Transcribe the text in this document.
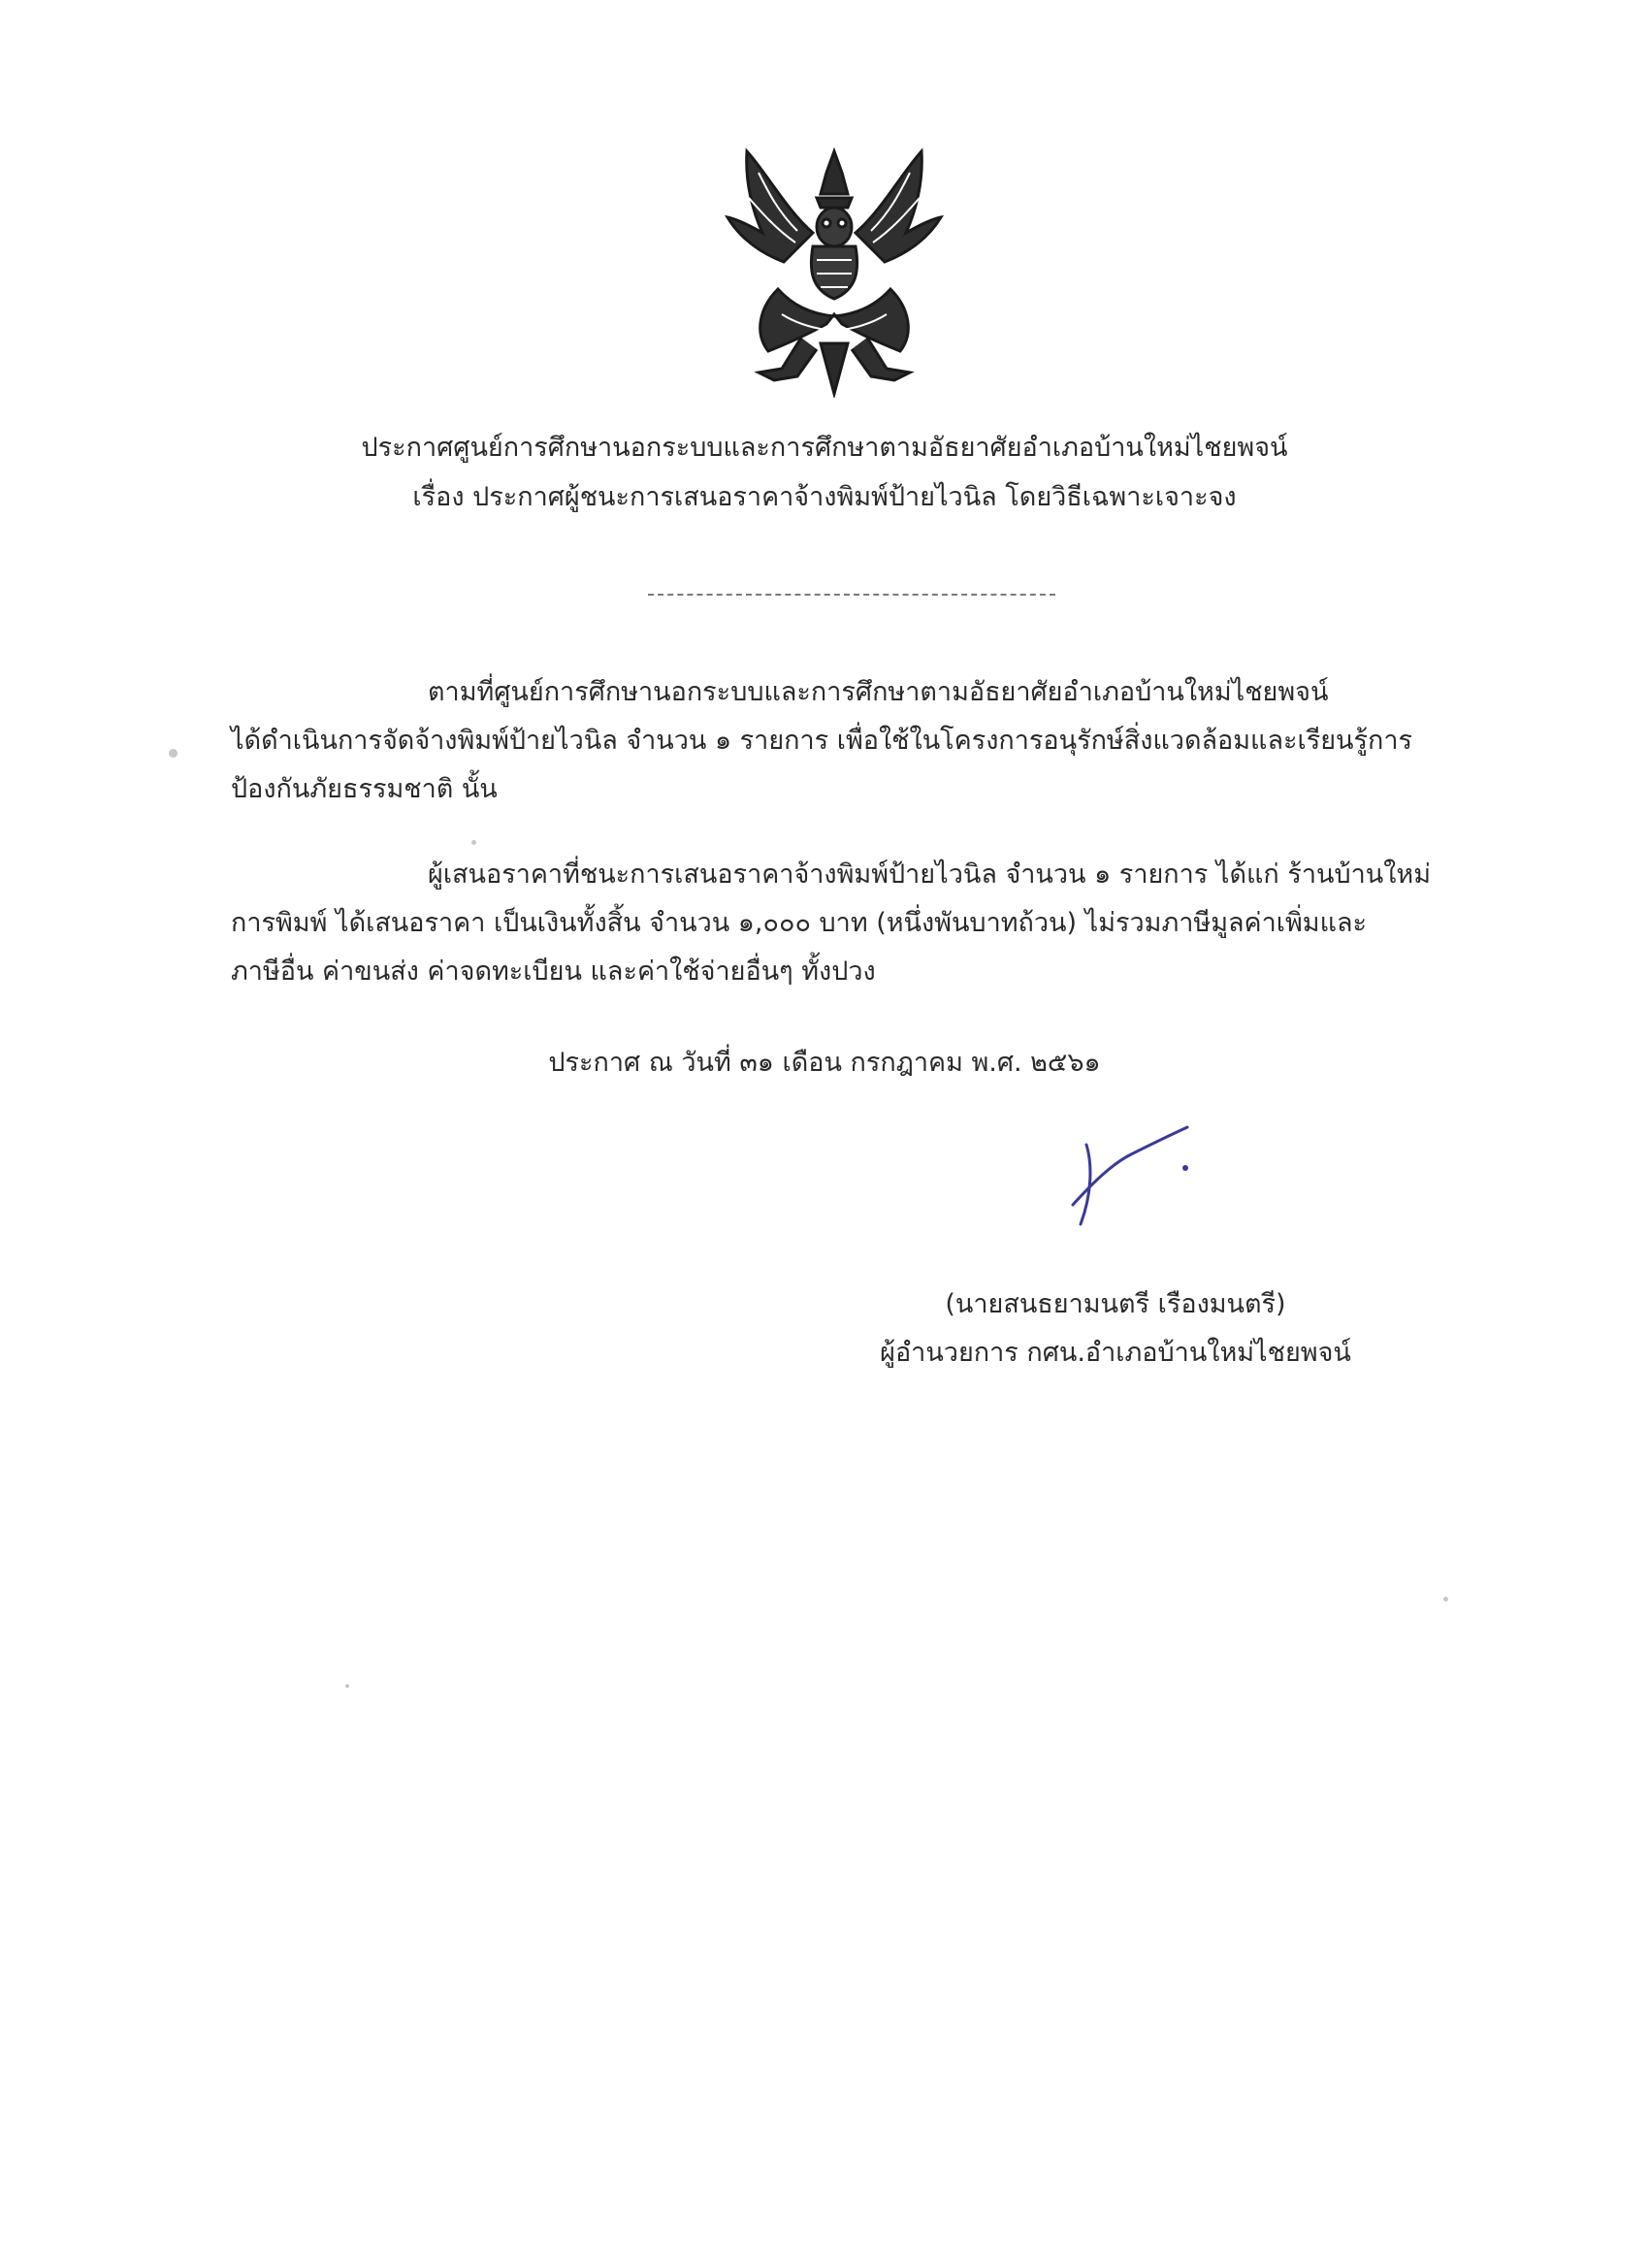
ประกาศศูนย์การศึกษานอกระบบและการศึกษาตามอัธยาศัยอำเภอบ้านใหม่ไชยพจน์
เรื่อง ประกาศผู้ชนะการเสนอราคาจ้างพิมพ์ป้ายไวนิล โดยวิธีเฉพาะเจาะจง
ตามที่ศูนย์การศึกษานอกระบบและการศึกษาตามอัธยาศัยอำเภอบ้านใหม่ไชยพจน์
ได้ดำเนินการจัดจ้างพิมพ์ป้ายไวนิล จำนวน ๑ รายการ เพื่อใช้ในโครงการอนุรักษ์สิ่งแวดล้อมและเรียนรู้การ
ป้องกันภัยธรรมชาติ นั้น
ผู้เสนอราคาที่ชนะการเสนอราคาจ้างพิมพ์ป้ายไวนิล จำนวน ๑ รายการ ได้แก่ ร้านบ้านใหม่
การพิมพ์ ได้เสนอราคา เป็นเงินทั้งสิ้น จำนวน ๑,๐๐๐ บาท (หนึ่งพันบาทถ้วน) ไม่รวมภาษีมูลค่าเพิ่มและ
ภาษีอื่น ค่าขนส่ง ค่าจดทะเบียน และค่าใช้จ่ายอื่นๆ ทั้งปวง
ประกาศ ณ วันที่ ๓๑ เดือน กรกฎาคม พ.ศ. ๒๕๖๑
(นายสนธยามนตรี เรืองมนตรี)
ผู้อำนวยการ กศน.อำเภอบ้านใหม่ไชยพจน์
